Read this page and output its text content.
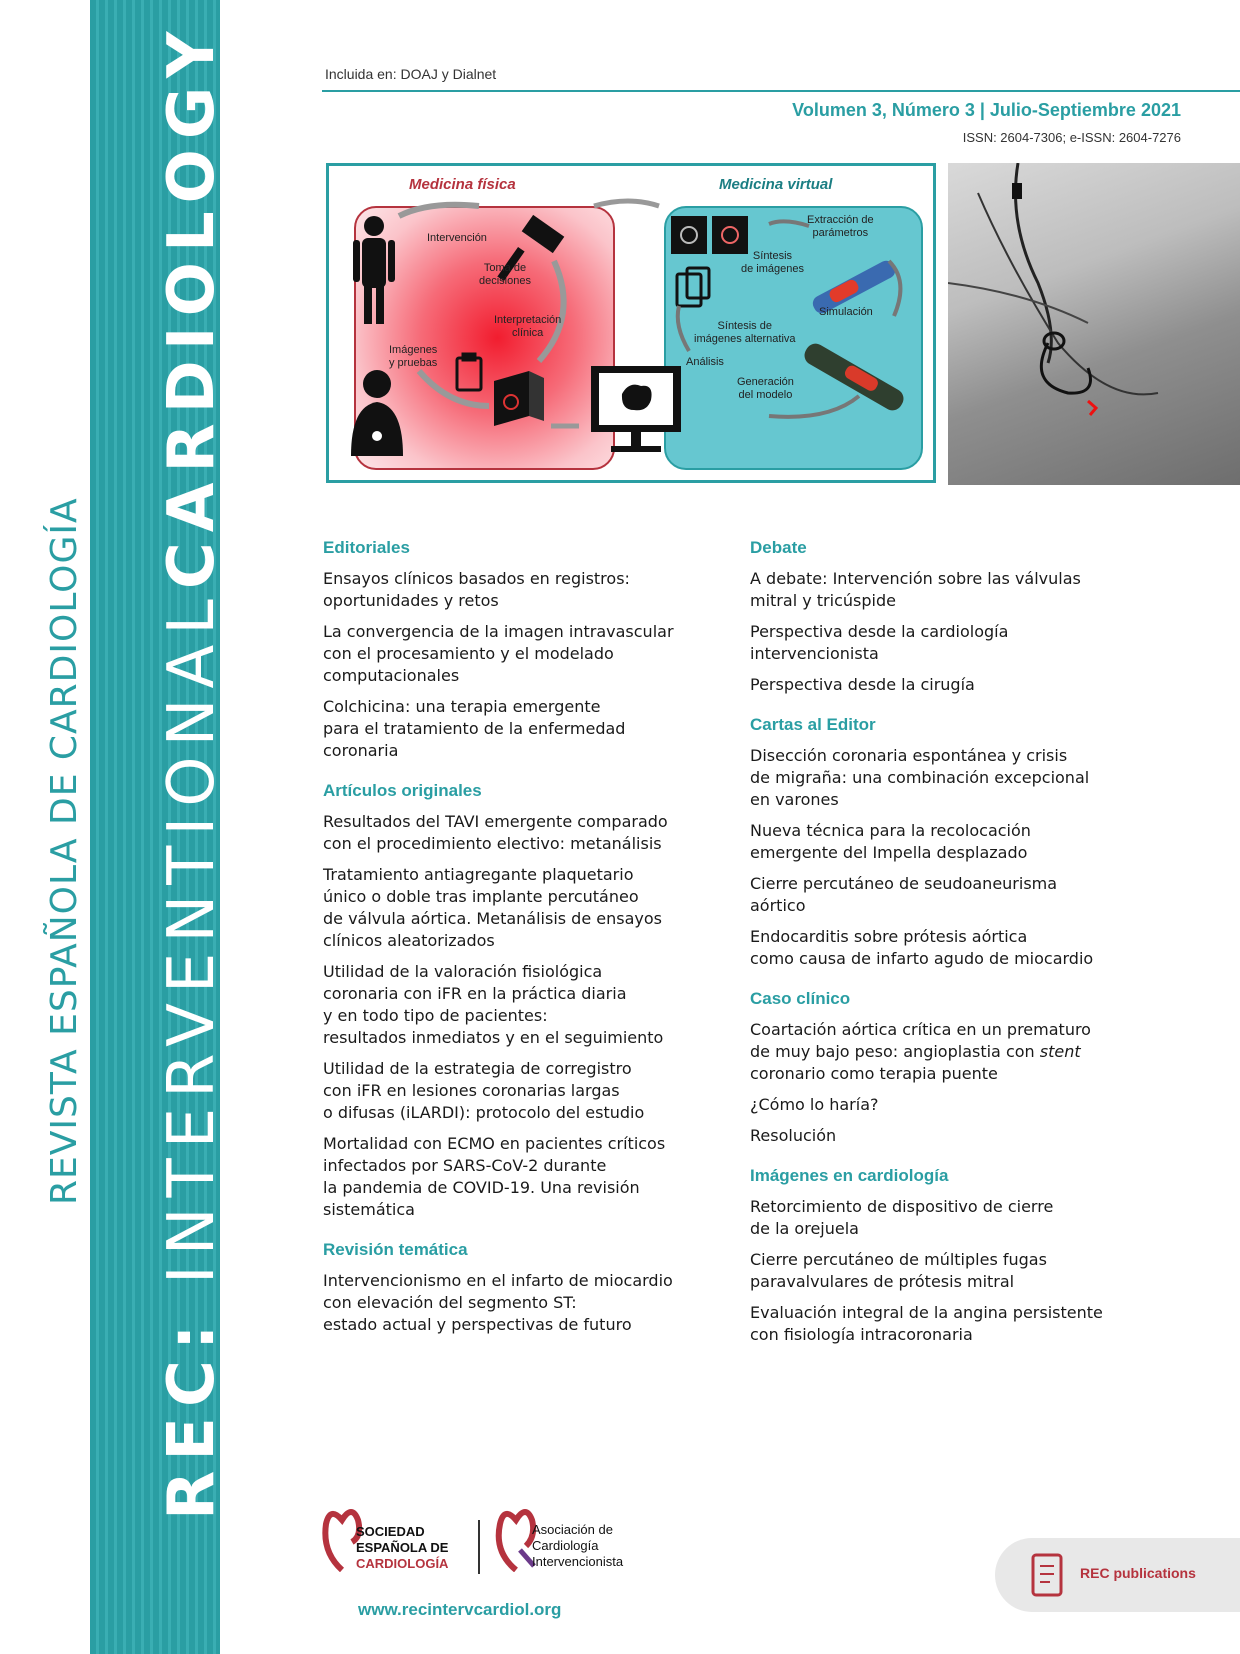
REC: INTERVENTIONALCARDIOLOGY
REVISTA ESPAÑOLA DE CARDIOLOGÍA
Incluida en: DOAJ y Dialnet
Volumen 3, Número 3 | Julio-Septiembre 2021
ISSN: 2604-7306; e-ISSN: 2604-7276
Medicina física	Medicina virtual
Intervención
Toma de
decisiones
Interpretación
clínica
Imágenes
y pruebas
Extracción de
parámetros
Síntesis
de imágenes
Simulación
Síntesis de
imágenes alternativa
Análisis
Generación
del modelo
Editoriales
Ensayos clínicos basados en registros:
oportunidades y retos
La convergencia de la imagen intravascular
con el procesamiento y el modelado
computacionales
Colchicina: una terapia emergente
para el tratamiento de la enfermedad
coronaria
Artículos originales
Resultados del TAVI emergente comparado
con el procedimiento electivo: metanálisis
Tratamiento antiagregante plaquetario
único o doble tras implante percutáneo
de válvula aórtica. Metanálisis de ensayos
clínicos aleatorizados
Utilidad de la valoración fisiológica
coronaria con iFR en la práctica diaria
y en todo tipo de pacientes:
resultados inmediatos y en el seguimiento
Utilidad de la estrategia de corregistro
con iFR en lesiones coronarias largas
o difusas (iLARDI): protocolo del estudio
Mortalidad con ECMO en pacientes críticos
infectados por SARS-CoV-2 durante
la pandemia de COVID-19. Una revisión
sistemática
Revisión temática
Intervencionismo en el infarto de miocardio
con elevación del segmento ST:
estado actual y perspectivas de futuro
Debate
A debate: Intervención sobre las válvulas
mitral y tricúspide
Perspectiva desde la cardiología
intervencionista
Perspectiva desde la cirugía
Cartas al Editor
Disección coronaria espontánea y crisis
de migraña: una combinación excepcional
en varones
Nueva técnica para la recolocación
emergente del Impella desplazado
Cierre percutáneo de seudoaneurisma
aórtico
Endocarditis sobre prótesis aórtica
como causa de infarto agudo de miocardio
Caso clínico
Coartación aórtica crítica en un prematuro
de muy bajo peso: angioplastia con stent
coronario como terapia puente
¿Cómo lo haría?
Resolución
Imágenes en cardiología
Retorcimiento de dispositivo de cierre
de la orejuela
Cierre percutáneo de múltiples fugas
paravalvulares de prótesis mitral
Evaluación integral de la angina persistente
con fisiología intracoronaria
SOCIEDAD
ESPAÑOLA DE
CARDIOLOGÍA
Asociación de
Cardiología
Intervencionista
www.recintervcardiol.org
REC publications
